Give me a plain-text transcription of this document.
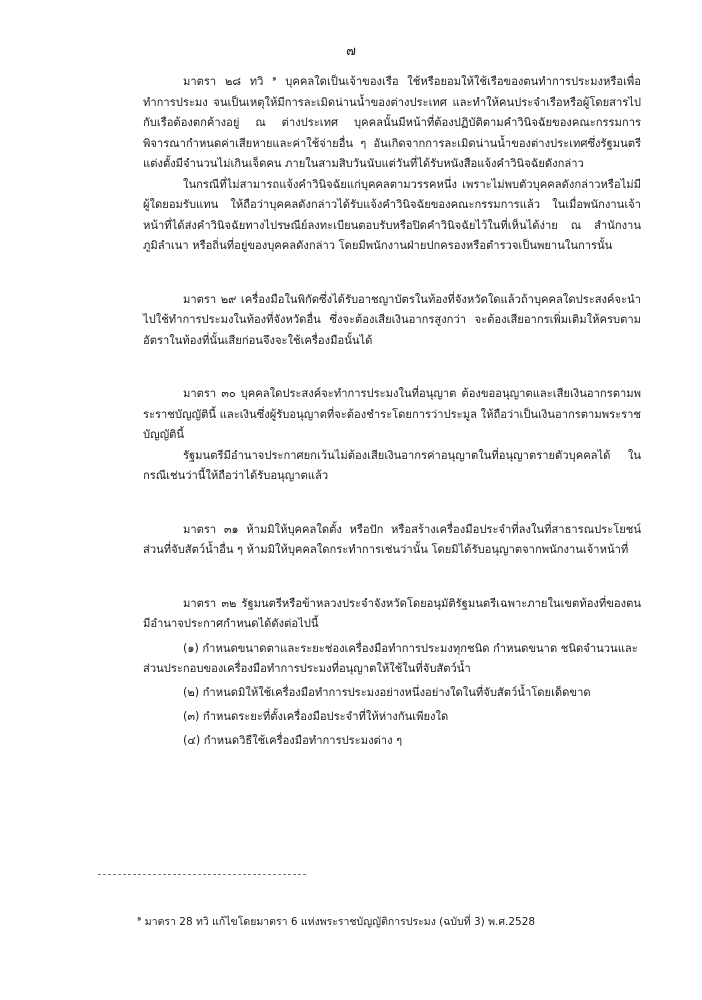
๗

มาตรา ๒๘ ทวิ $^๑$ บุคคลใดเป็นเจ้าของเรือ ใช้หรือยอมให้ใช้เรือของตนทำการประมงหรือเพื่อทำการประมง จนเป็นเหตุให้มีการละเมิดน่านน้ำของต่างประเทศ และทำให้คนประจำเรือหรือผู้โดยสารไปกับเรือต้องตกค้างอยู่ ณ ต่างประเทศ บุคคลนั้นมีหน้าที่ต้องปฏิบัติตามคำวินิจฉัยของคณะกรรมการพิจารณากำหนดค่าเสียหายและค่าใช้จ่ายอื่น ๆ อันเกิดจากการละเมิดน่านน้ำของต่างประเทศซึ่งรัฐมนตรีแต่งตั้งมีจำนวนไม่เกินเจ็ดคน ภายในสามสิบวันนับแต่วันที่ได้รับหนังสือแจ้งคำวินิจฉัยดังกล่าว

ในกรณีที่ไม่สามารถแจ้งคำวินิจฉัยแก่บุคคลตามวรรคหนึ่ง เพราะไม่พบตัวบุคคลดังกล่าวหรือไม่มีผู้ใดยอมรับแทน ให้ถือว่าบุคคลดังกล่าวได้รับแจ้งคำวินิจฉัยของคณะกรรมการแล้ว ในเมื่อพนักงานเจ้าหน้าที่ได้ส่งคำวินิจฉัยทางไปรษณีย์ลงทะเบียนตอบรับหรือปิดคำวินิจฉัยไว้ในที่เห็นได้ง่าย ณ สำนักงานภูมิลำเนา หรือถิ่นที่อยู่ของบุคคลดังกล่าว โดยมีพนักงานฝ่ายปกครองหรือตำรวจเป็นพยานในการนั้น

มาตรา ๒๙ เครื่องมือในพิกัดซึ่งได้รับอาชญาบัตรในท้องที่จังหวัดใดแล้วถ้าบุคคลใดประสงค์จะนำไปใช้ทำการประมงในท้องที่จังหวัดอื่น ซึ่งจะต้องเสียเงินอากรสูงกว่า จะต้องเสียอากรเพิ่มเติมให้ครบตามอัตราในท้องที่นั้นเสียก่อนจึงจะใช้เครื่องมือนั้นได้

มาตรา ๓๐ บุคคลใดประสงค์จะทำการประมงในที่อนุญาต ต้องขออนุญาตและเสียเงินอากรตามพระราชบัญญัตินี้ และเงินซึ่งผู้รับอนุญาตที่จะต้องชำระโดยการว่าประมูล ให้ถือว่าเป็นเงินอากรตามพระราชบัญญัตินี้

รัฐมนตรีมีอำนาจประกาศยกเว้นไม่ต้องเสียเงินอากรค่าอนุญาตในที่อนุญาตรายตัวบุคคลได้ ในกรณีเช่นว่านี้ให้ถือว่าได้รับอนุญาตแล้ว

มาตรา ๓๑ ห้ามมิให้บุคคลใดตั้ง หรือปัก หรือสร้างเครื่องมือประจำที่ลงในที่สาธารณประโยชน์ ส่วนที่จับสัตว์น้ำอื่น ๆ ห้ามมิให้บุคคลใดกระทำการเช่นว่านั้น โดยมิได้รับอนุญาตจากพนักงานเจ้าหน้าที่

มาตรา ๓๒ รัฐมนตรีหรือข้าหลวงประจำจังหวัดโดยอนุมัติรัฐมนตรีเฉพาะภายในเขตท้องที่ของตน มีอำนาจประกาศกำหนดได้ดังต่อไปนี้

(๑) กำหนดขนาดตาและระยะช่องเครื่องมือทำการประมงทุกชนิด กำหนดขนาด ชนิดจำนวนและ
ส่วนประกอบของเครื่องมือทำการประมงที่อนุญาตให้ใช้ในที่จับสัตว์น้ำ
(๒) กำหนดมิให้ใช้เครื่องมือทำการประมงอย่างหนึ่งอย่างใดในที่จับสัตว์น้ำโดยเด็ดขาด
(๓) กำหนดระยะที่ตั้งเครื่องมือประจำที่ให้ห่างกันเพียงใด
(๔) กำหนดวิธีใช้เครื่องมือทำการประมงต่าง ๆ
$^๑$ มาตรา 28 ทวิ แก้ไขโดยมาตรา 6 แห่งพระราชบัญญัติการประมง (ฉบับที่ 3) พ.ศ.2528
